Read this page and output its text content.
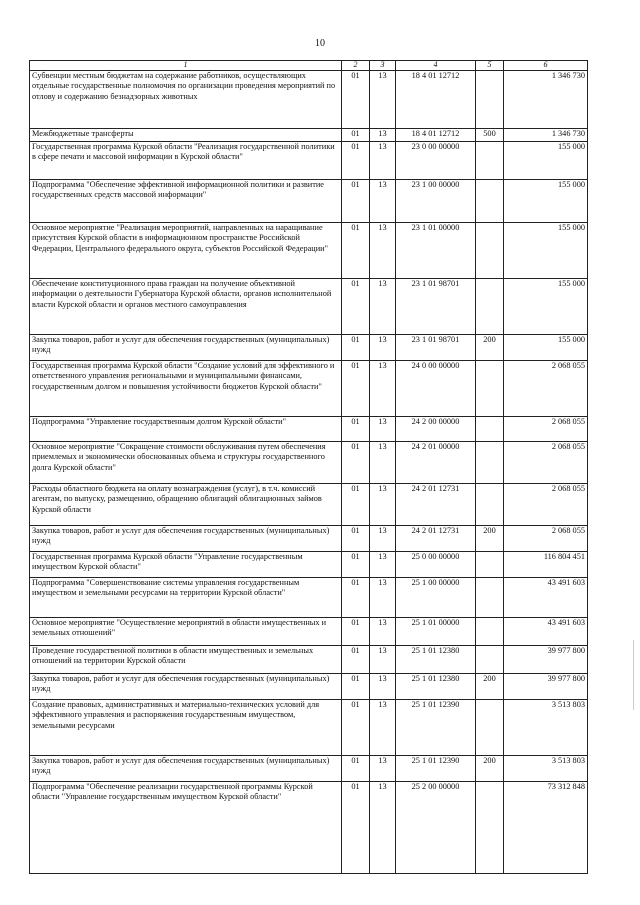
10
1	2	3	4	5	6
Субвенции местным бюджетам на содержание работников, осуществляющих отдельные государственные полномочия по организации проведения мероприятий по отлову и содержанию безнадзорных животных	01	13	18 4 01 12712		1 346 730
Межбюджетные трансферты	01	13	18 4 01 12712	500	1 346 730
Государственная программа Курской области "Реализация государственной политики в сфере печати и массовой информации в Курской области"	01	13	23 0 00 00000		155 000
Подпрограмма "Обеспечение эффективной информационной политики и развитие государственных средств массовой информации"	01	13	23 1 00 00000		155 000
Основное мероприятие "Реализация мероприятий, направленных на наращивание присутствия Курской области в информационном пространстве Российской Федерации, Центрального федерального округа, субъектов Российской Федерации"	01	13	23 1 01 00000		155 000
Обеспечение конституционного права граждан на получение объективной информации о деятельности Губернатора Курской области, органов исполнительной власти Курской области и органов местного самоуправления	01	13	23 1 01 98701		155 000
Закупка товаров, работ и услуг для обеспечения государственных (муниципальных) нужд	01	13	23 1 01 98701	200	155 000
Государственная программа Курской области "Создание условий для эффективного и ответственного управления региональными и муниципальными финансами, государственным долгом и повышения устойчивости бюджетов Курской области"	01	13	24 0 00 00000		2 068 055
Подпрограмма "Управление государственным долгом Курской области"	01	13	24 2 00 00000		2 068 055
Основное мероприятие "Сокращение стоимости обслуживания путем обеспечения приемлемых и экономически обоснованных объема и структуры государственного долга Курской области"	01	13	24 2 01 00000		2 068 055
Расходы областного бюджета на оплату вознаграждения (услуг), в т.ч. комиссий агентам, по выпуску, размещению, обращению облигаций облигационных займов Курской области	01	13	24 2 01 12731		2 068 055
Закупка товаров, работ и услуг для обеспечения государственных (муниципальных) нужд	01	13	24 2 01 12731	200	2 068 055
Государственная программа Курской области "Управление государственным имуществом Курской области"	01	13	25 0 00 00000		116 804 451
Подпрограмма "Совершенствование системы управления государственным имуществом и земельными ресурсами на территории Курской области"	01	13	25 1 00 00000		43 491 603
Основное мероприятие "Осуществление мероприятий в области имущественных и земельных отношений"	01	13	25 1 01 00000		43 491 603
Проведение государственной политики в области имущественных и земельных отношений на территории Курской области	01	13	25 1 01 12380		39 977 800
Закупка товаров, работ и услуг для обеспечения государственных (муниципальных) нужд	01	13	25 1 01 12380	200	39 977 800
Создание правовых, административных и материально-технических условий для эффективного управления и распоряжения государственным имуществом, земельными ресурсами	01	13	25 1 01 12390		3 513 803
Закупка товаров, работ и услуг для обеспечения государственных (муниципальных) нужд	01	13	25 1 01 12390	200	3 513 803
Подпрограмма "Обеспечение реализации государственной программы Курской области "Управление государственным имуществом Курской области"	01	13	25 2 00 00000		73 312 848
